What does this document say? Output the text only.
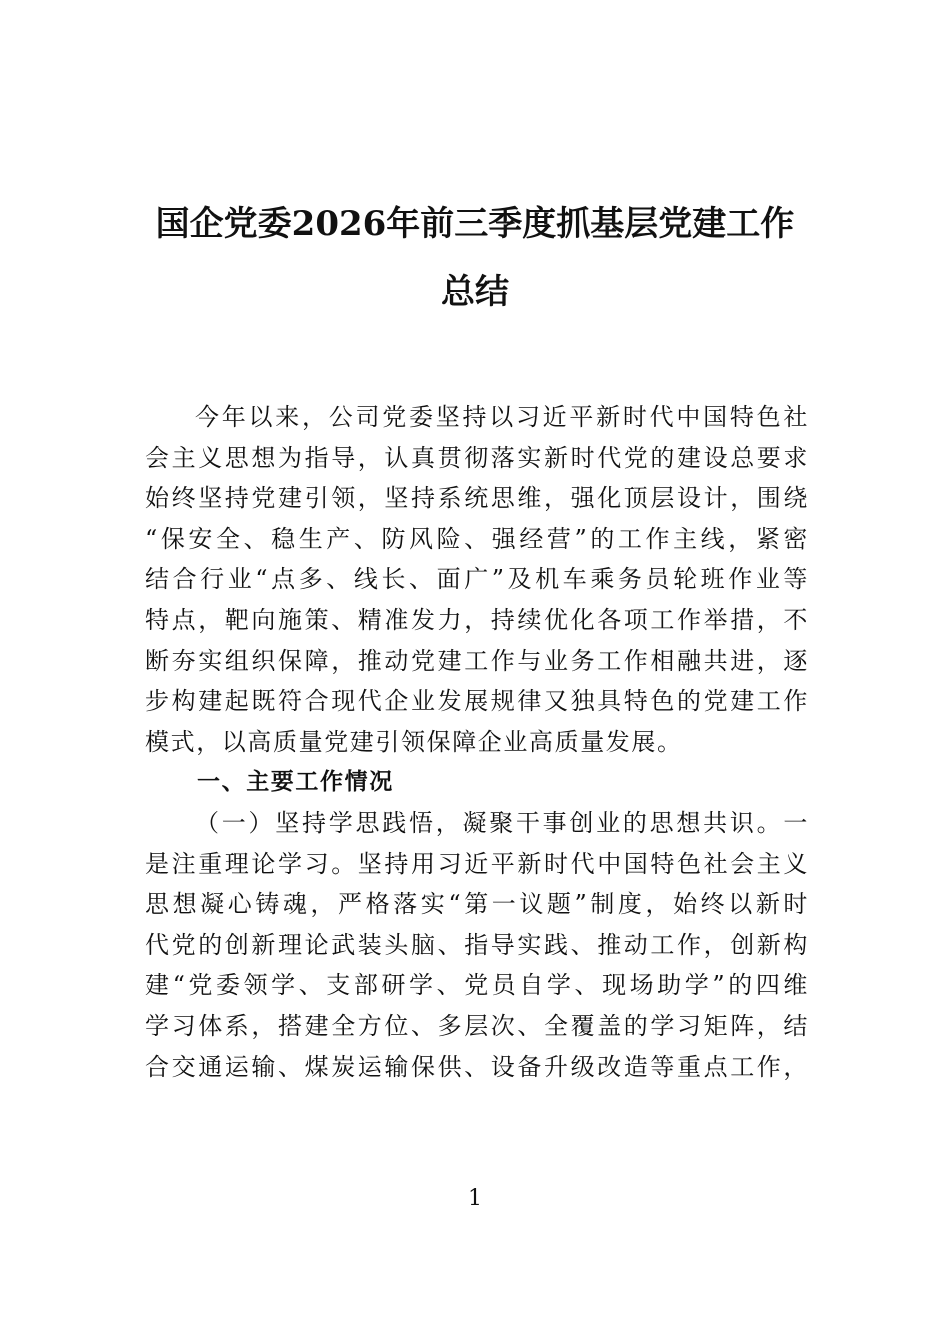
国企党委2026年前三季度抓基层党建工作
总结
今年以来，公司党委坚持以习近平新时代中国特色社
会主义思想为指导，认真贯彻落实新时代党的建设总要求
始终坚持党建引领，坚持系统思维，强化顶层设计，围绕
“保安全、稳生产、防风险、强经营”的工作主线，紧密
结合行业“点多、线长、面广”及机车乘务员轮班作业等
特点，靶向施策、精准发力，持续优化各项工作举措，不
断夯实组织保障，推动党建工作与业务工作相融共进，逐
步构建起既符合现代企业发展规律又独具特色的党建工作
模式，以高质量党建引领保障企业高质量发展。
一、主要工作情况
（一）坚持学思践悟，凝聚干事创业的思想共识。一
是注重理论学习。坚持用习近平新时代中国特色社会主义
思想凝心铸魂，严格落实“第一议题”制度，始终以新时
代党的创新理论武装头脑、指导实践、推动工作，创新构
建“党委领学、支部研学、党员自学、现场助学”的四维
学习体系，搭建全方位、多层次、全覆盖的学习矩阵，结
合交通运输、煤炭运输保供、设备升级改造等重点工作，
1
